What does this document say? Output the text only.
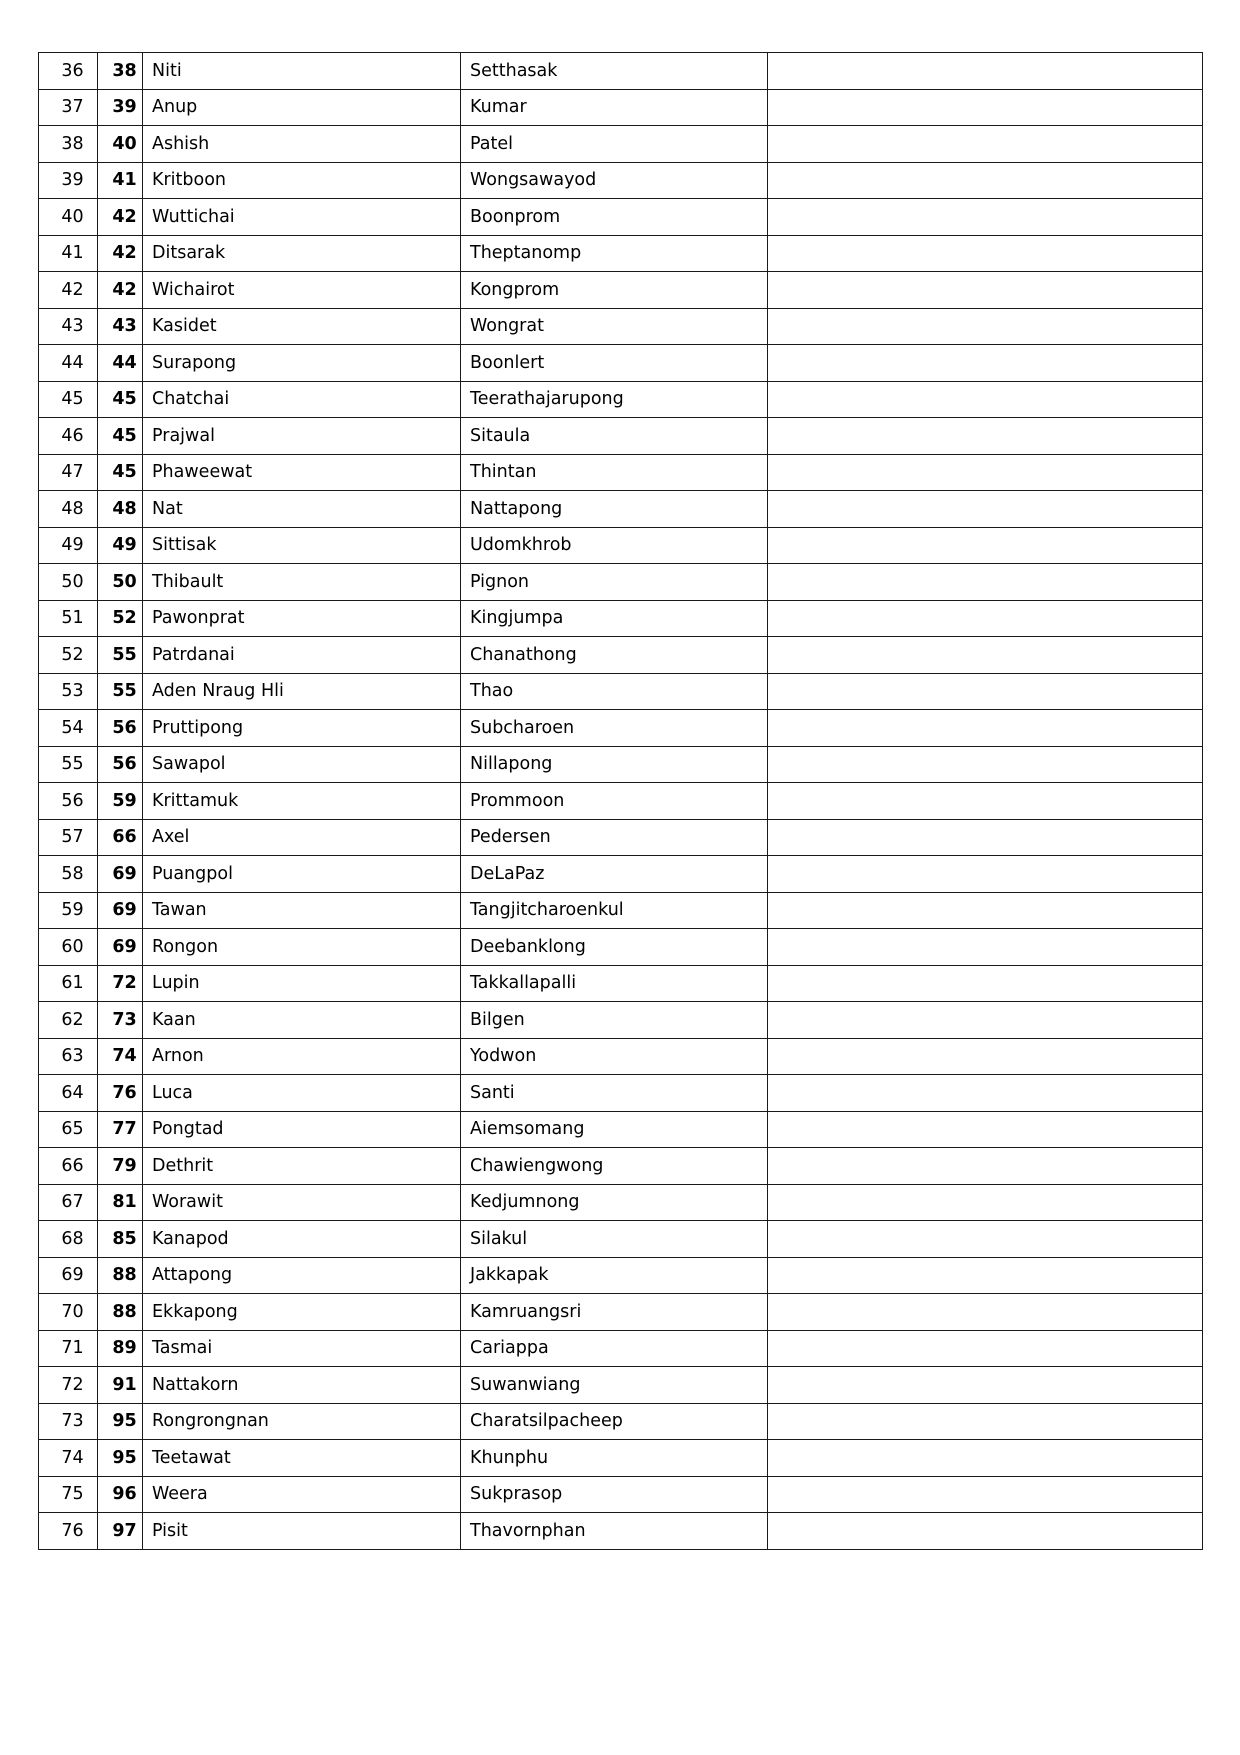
36	38	Niti	Setthasak	
37	39	Anup	Kumar	
38	40	Ashish	Patel	
39	41	Kritboon	Wongsawayod	
40	42	Wuttichai	Boonprom	
41	42	Ditsarak	Theptanomp	
42	42	Wichairot	Kongprom	
43	43	Kasidet	Wongrat	
44	44	Surapong	Boonlert	
45	45	Chatchai	Teerathajarupong	
46	45	Prajwal	Sitaula	
47	45	Phaweewat	Thintan	
48	48	Nat	Nattapong	
49	49	Sittisak	Udomkhrob	
50	50	Thibault	Pignon	
51	52	Pawonprat	Kingjumpa	
52	55	Patrdanai	Chanathong	
53	55	Aden Nraug Hli	Thao	
54	56	Pruttipong	Subcharoen	
55	56	Sawapol	Nillapong	
56	59	Krittamuk	Prommoon	
57	66	Axel	Pedersen	
58	69	Puangpol	DeLaPaz	
59	69	Tawan	Tangjitcharoenkul	
60	69	Rongon	Deebanklong	
61	72	Lupin	Takkallapalli	
62	73	Kaan	Bilgen	
63	74	Arnon	Yodwon	
64	76	Luca	Santi	
65	77	Pongtad	Aiemsomang	
66	79	Dethrit	Chawiengwong	
67	81	Worawit	Kedjumnong	
68	85	Kanapod	Silakul	
69	88	Attapong	Jakkapak	
70	88	Ekkapong	Kamruangsri	
71	89	Tasmai	Cariappa	
72	91	Nattakorn	Suwanwiang	
73	95	Rongrongnan	Charatsilpacheep	
74	95	Teetawat	Khunphu	
75	96	Weera	Sukprasop	
76	97	Pisit	Thavornphan	
